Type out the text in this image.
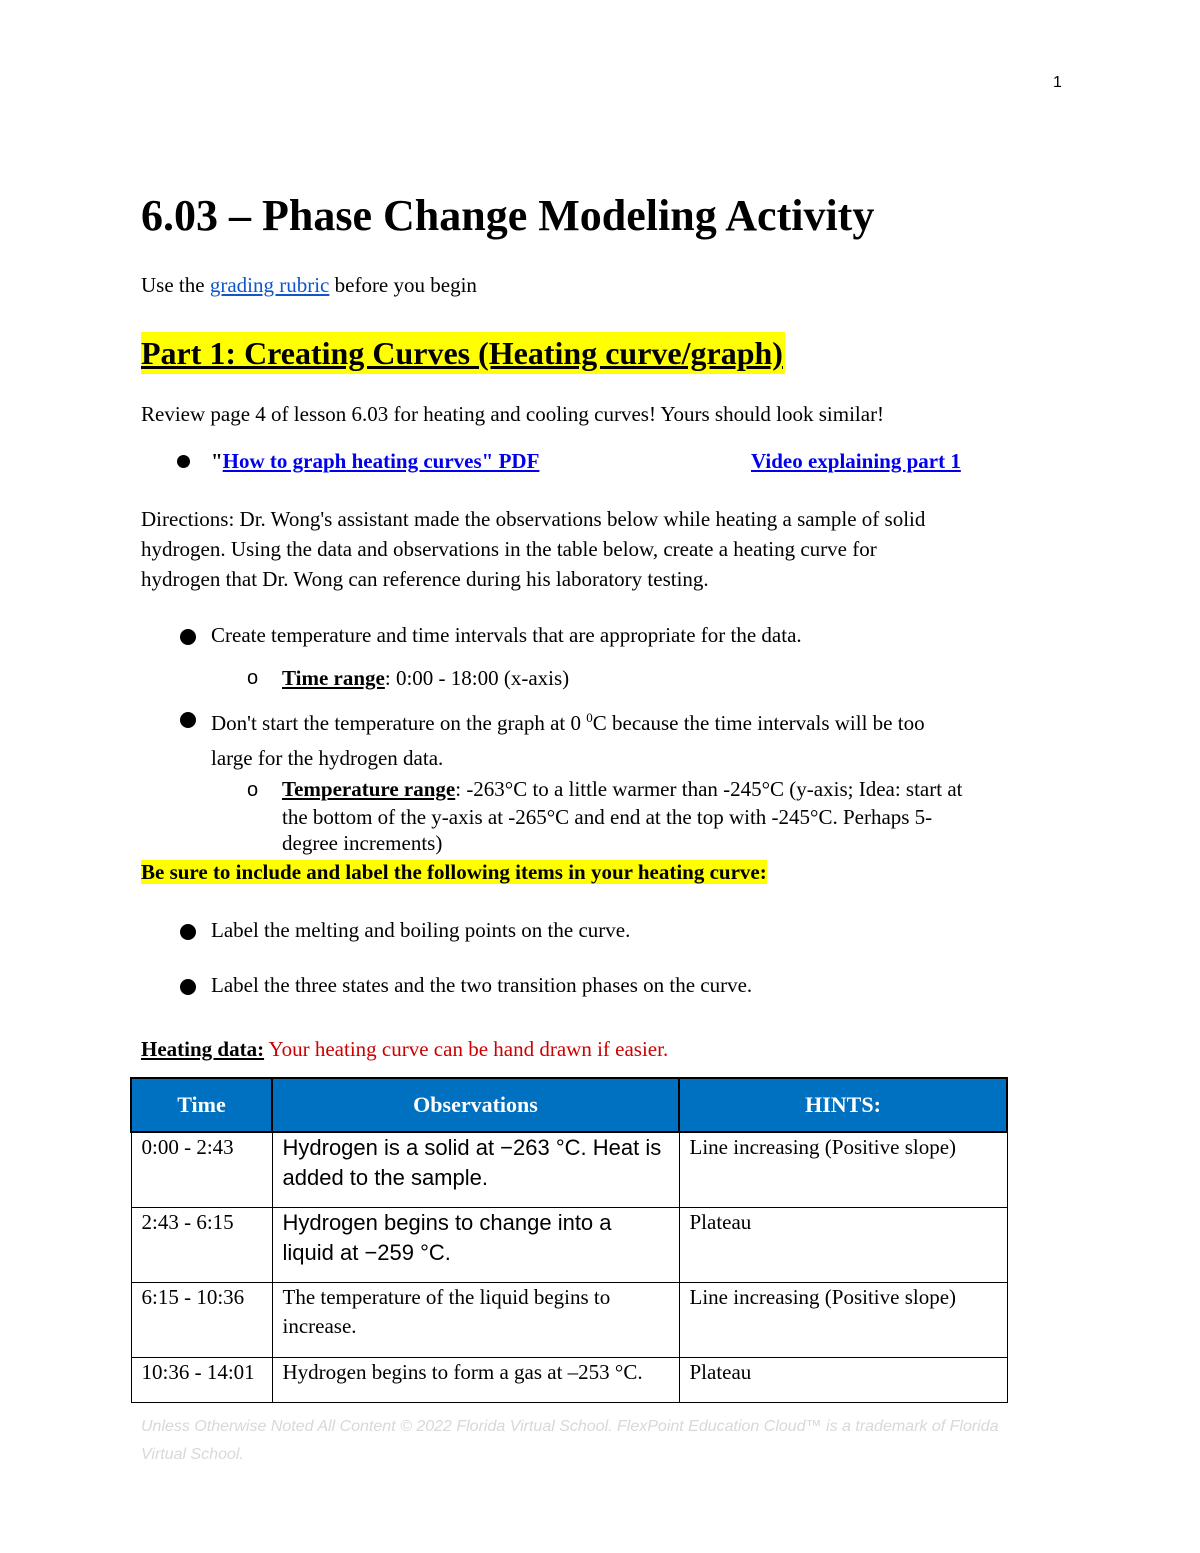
1
6.03 – Phase Change Modeling Activity
Use the grading rubric before you begin
Part 1: Creating Curves (Heating curve/graph)
Review page 4 of lesson 6.03 for heating and cooling curves! Yours should look similar!
"How to graph heating curves" PDF	Video explaining part 1
Directions: Dr. Wong's assistant made the observations below while heating a sample of solid
hydrogen. Using the data and observations in the table below, create a heating curve for
hydrogen that Dr. Wong can reference during his laboratory testing.
Create temperature and time intervals that are appropriate for the data.
o Time range: 0:00 - 18:00 (x-axis)
Don't start the temperature on the graph at 0 $^0$C because the time intervals will be too
large for the hydrogen data.
o Temperature range: -263°C to a little warmer than -245°C (y-axis; Idea: start at
the bottom of the y-axis at -265°C and end at the top with -245°C. Perhaps 5-
degree increments)
Be sure to include and label the following items in your heating curve:
Label the melting and boiling points on the curve.
Label the three states and the two transition phases on the curve.
Heating data: Your heating curve can be hand drawn if easier.
Time	Observations	HINTS:
0:00 - 2:43	Hydrogen is a solid at −263 °C. Heat is added to the sample.	Line increasing (Positive slope)
2:43 - 6:15	Hydrogen begins to change into a liquid at −259 °C.	Plateau
6:15 - 10:36	The temperature of the liquid begins to increase.	Line increasing (Positive slope)
10:36 - 14:01	Hydrogen begins to form a gas at –253 °C.	Plateau
Unless Otherwise Noted All Content © 2022 Florida Virtual School. FlexPoint Education Cloud™ is a trademark of Florida Virtual School.
